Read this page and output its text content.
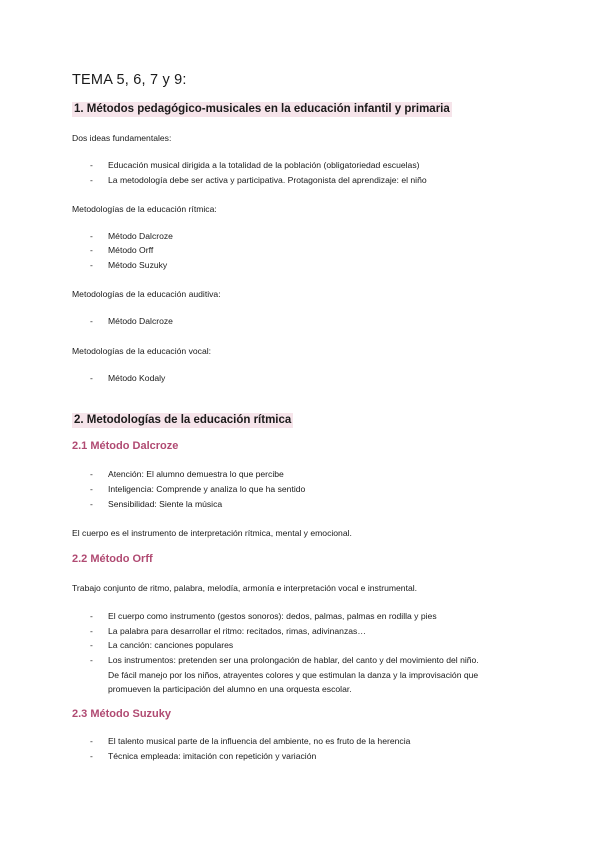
TEMA 5, 6, 7 y 9:
1. Métodos pedagógico-musicales en la educación infantil y primaria

Dos ideas fundamentales:

- Educación musical dirigida a la totalidad de la población (obligatoriedad escuelas)
- La metodología debe ser activa y participativa. Protagonista del aprendizaje: el niño

Metodologías de la educación rítmica:

- Método Dalcroze
- Método Orff
- Método Suzuky

Metodologías de la educación auditiva:

- Método Dalcroze

Metodologías de la educación vocal:

- Método Kodaly
2. Metodologías de la educación rítmica
2.1 Método Dalcroze
- Atención: El alumno demuestra lo que percibe
- Inteligencia: Comprende y analiza lo que ha sentido
- Sensibilidad: Siente la música

El cuerpo es el instrumento de interpretación rítmica, mental y emocional.

2.2 Método Orff

Trabajo conjunto de ritmo, palabra, melodía, armonía e interpretación vocal e instrumental.

- El cuerpo como instrumento (gestos sonoros): dedos, palmas, palmas en rodilla y pies
- La palabra para desarrollar el ritmo: recitados, rimas, adivinanzas…
- La canción: canciones populares
- Los instrumentos: pretenden ser una prolongación de hablar, del canto y del movimiento del niño.
De fácil manejo por los niños, atrayentes colores y que estimulan la danza y la improvisación que
promueven la participación del alumno en una orquesta escolar.
2.3 Método Suzuky
- El talento musical parte de la influencia del ambiente, no es fruto de la herencia
- Técnica empleada: imitación con repetición y variación
